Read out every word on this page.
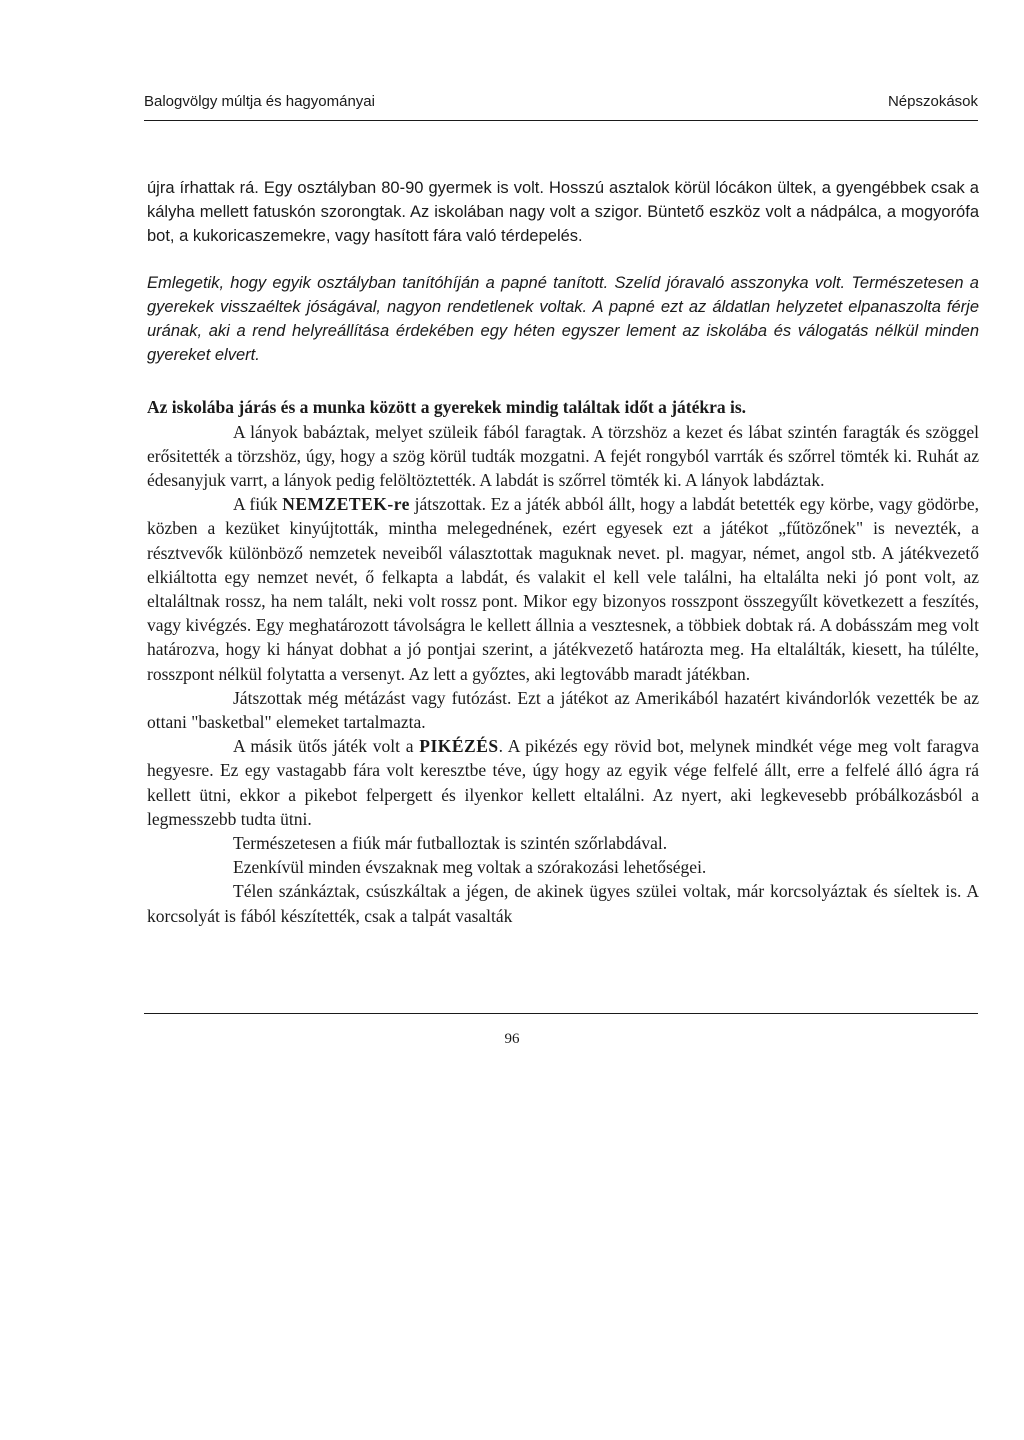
Balogvölgy múltja és hagyományai	Népszokások

újra írhattak rá. Egy osztályban 80-90 gyermek is volt. Hosszú asztalok körül lócákon ültek, a gyengébbek csak a kályha mellett fatuskón szorongtak. Az iskolában nagy volt a szigor. Büntető eszköz volt a nádpálca, a mogyorófa bot, a kukoricaszemekre, vagy hasított fára való térdepelés.

Emlegetik, hogy egyik osztályban tanítóhíján a papné tanított. Szelíd jóravaló asszonyka volt. Természetesen a gyerekek visszaéltek jóságával, nagyon rendetlenek voltak. A papné ezt az áldatlan helyzetet elpanaszolta férje urának, aki a rend helyreállítása érdekében egy héten egyszer lement az iskolába és válogatás nélkül minden gyereket elvert.

Az iskolába járás és a munka között a gyerekek mindig találtak időt a játékra is.

A lányok babáztak, melyet szüleik fából faragtak. A törzshöz a kezet és lábat szintén faragták és szöggel erősitették a törzshöz, úgy, hogy a szög körül tudták mozgatni. A fejét rongyból varrták és szőrrel tömték ki. Ruhát az édesanyjuk varrt, a lányok pedig felöltöztették. A labdát is szőrrel tömték ki. A lányok labdáztak.

A fiúk NEMZETEK-re játszottak. Ez a játék abból állt, hogy a labdát betették egy körbe, vagy gödörbe, közben a kezüket kinyújtották, mintha melegednének, ezért egyesek ezt a játékot „fűtözőnek" is nevezték, a résztvevők különböző nemzetek neveiből választottak maguknak nevet. pl. magyar, német, angol stb. A játékvezető elkiáltotta egy nemzet nevét, ő felkapta a labdát, és valakit el kell vele találni, ha eltalálta neki jó pont volt, az eltaláltnak rossz, ha nem talált, neki volt rossz pont. Mikor egy bizonyos rosszpont összegyűlt következett a feszítés, vagy kivégzés. Egy meghatározott távolságra le kellett állnia a vesztesnek, a többiek dobtak rá. A dobásszám meg volt határozva, hogy ki hányat dobhat a jó pontjai szerint, a játékvezető határozta meg. Ha eltalálták, kiesett, ha túlélte, rosszpont nélkül folytatta a versenyt. Az lett a győztes, aki legtovább maradt játékban.

Játszottak még métázást vagy futózást. Ezt a játékot az Amerikából hazatért kivándorlók vezették be az ottani "basketbal" elemeket tartalmazta.

A másik ütős játék volt a PIKÉZÉS. A pikézés egy rövid bot, melynek mindkét vége meg volt faragva hegyesre. Ez egy vastagabb fára volt keresztbe téve, úgy hogy az egyik vége felfelé állt, erre a felfelé álló ágra rá kellett ütni, ekkor a pikebot felpergett és ilyenkor kellett eltalálni. Az nyert, aki legkevesebb próbálkozásból a legmesszebb tudta ütni.

Természetesen a fiúk már futballoztak is szintén szőrlabdával.

Ezenkívül minden évszaknak meg voltak a szórakozási lehetőségei.

Télen szánkáztak, csúszkáltak a jégen, de akinek ügyes szülei voltak, már korcsolyáztak és síeltek is. A korcsolyát is fából készítették, csak a talpát vasalták

96
